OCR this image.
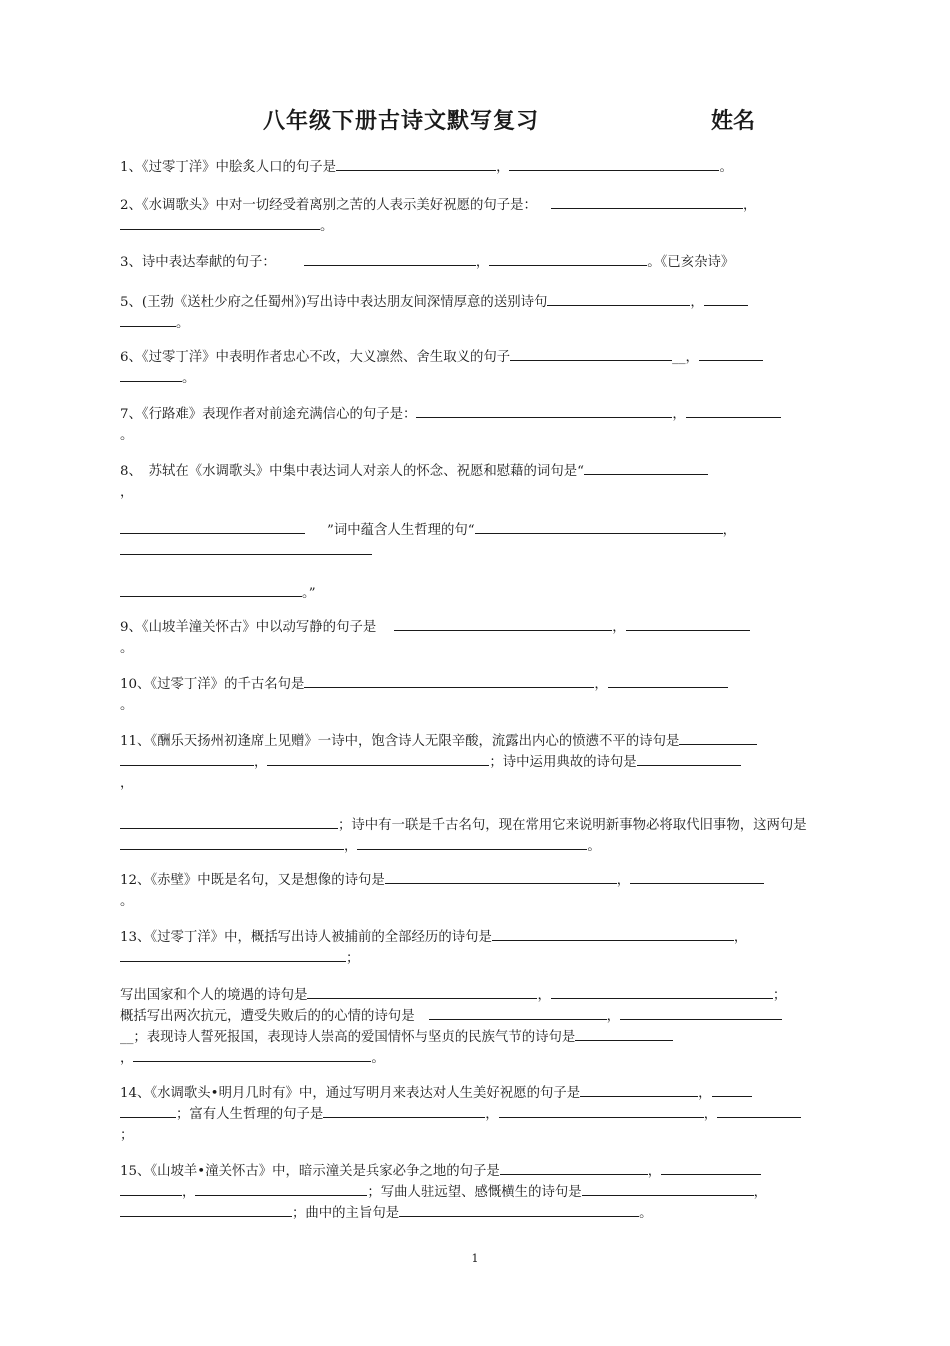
八年级下册古诗文默写复习	姓名
1、《过零丁洋》中脍炙人口的句子是	，	。
2、《水调歌头》中对一切经受着离别之苦的人表示美好祝愿的句子是：	，
。
3、诗中表达奉献的句子：	，	。《已亥杂诗》
5、(王勃《送杜少府之任蜀州》)写出诗中表达朋友间深情厚意的送别诗句	，
。
6、《过零丁洋》中表明作者忠心不改，大义凛然、舍生取义的句子	__，
。
7、《行路难》表现作者对前途充满信心的句子是：	，
。
8、　苏轼在《水调歌头》中集中表达词人对亲人的怀念、祝愿和慰藉的词句是“
，
”词中蕴含人生哲理的句“	，

。”
9、《山坡羊潼关怀古》中以动写静的句子是	，
。
10、《过零丁洋》的千古名句是	，
。
11、《酬乐天扬州初逢席上见赠》一诗中，饱含诗人无限辛酸，流露出内心的愤懑不平的诗句是
，	；诗中运用典故的诗句是
，

；诗中有一联是千古名句，现在常用它来说明新事物必将取代旧事物，这两句是，	。
12、《赤壁》中既是名句，又是想像的诗句是	，
。
13、《过零丁洋》中，概括写出诗人被捕前的全部经历的诗句是	，
；
写出国家和个人的境遇的诗句是	，	；
概括写出两次抗元，遭受失败后的的心情的诗句是	，
__；表现诗人誓死报国，表现诗人崇高的爱国情怀与坚贞的民族气节的诗句是
，	。
14、《水调歌头•明月几时有》中，通过写明月来表达对人生美好祝愿的句子是	，
；富有人生哲理的句子是	，	，
；
15、《山坡羊•潼关怀古》中，暗示潼关是兵家必争之地的句子是	，
，	；写曲人驻远望、感慨横生的诗句是	，
；曲中的主旨句是	。
1
